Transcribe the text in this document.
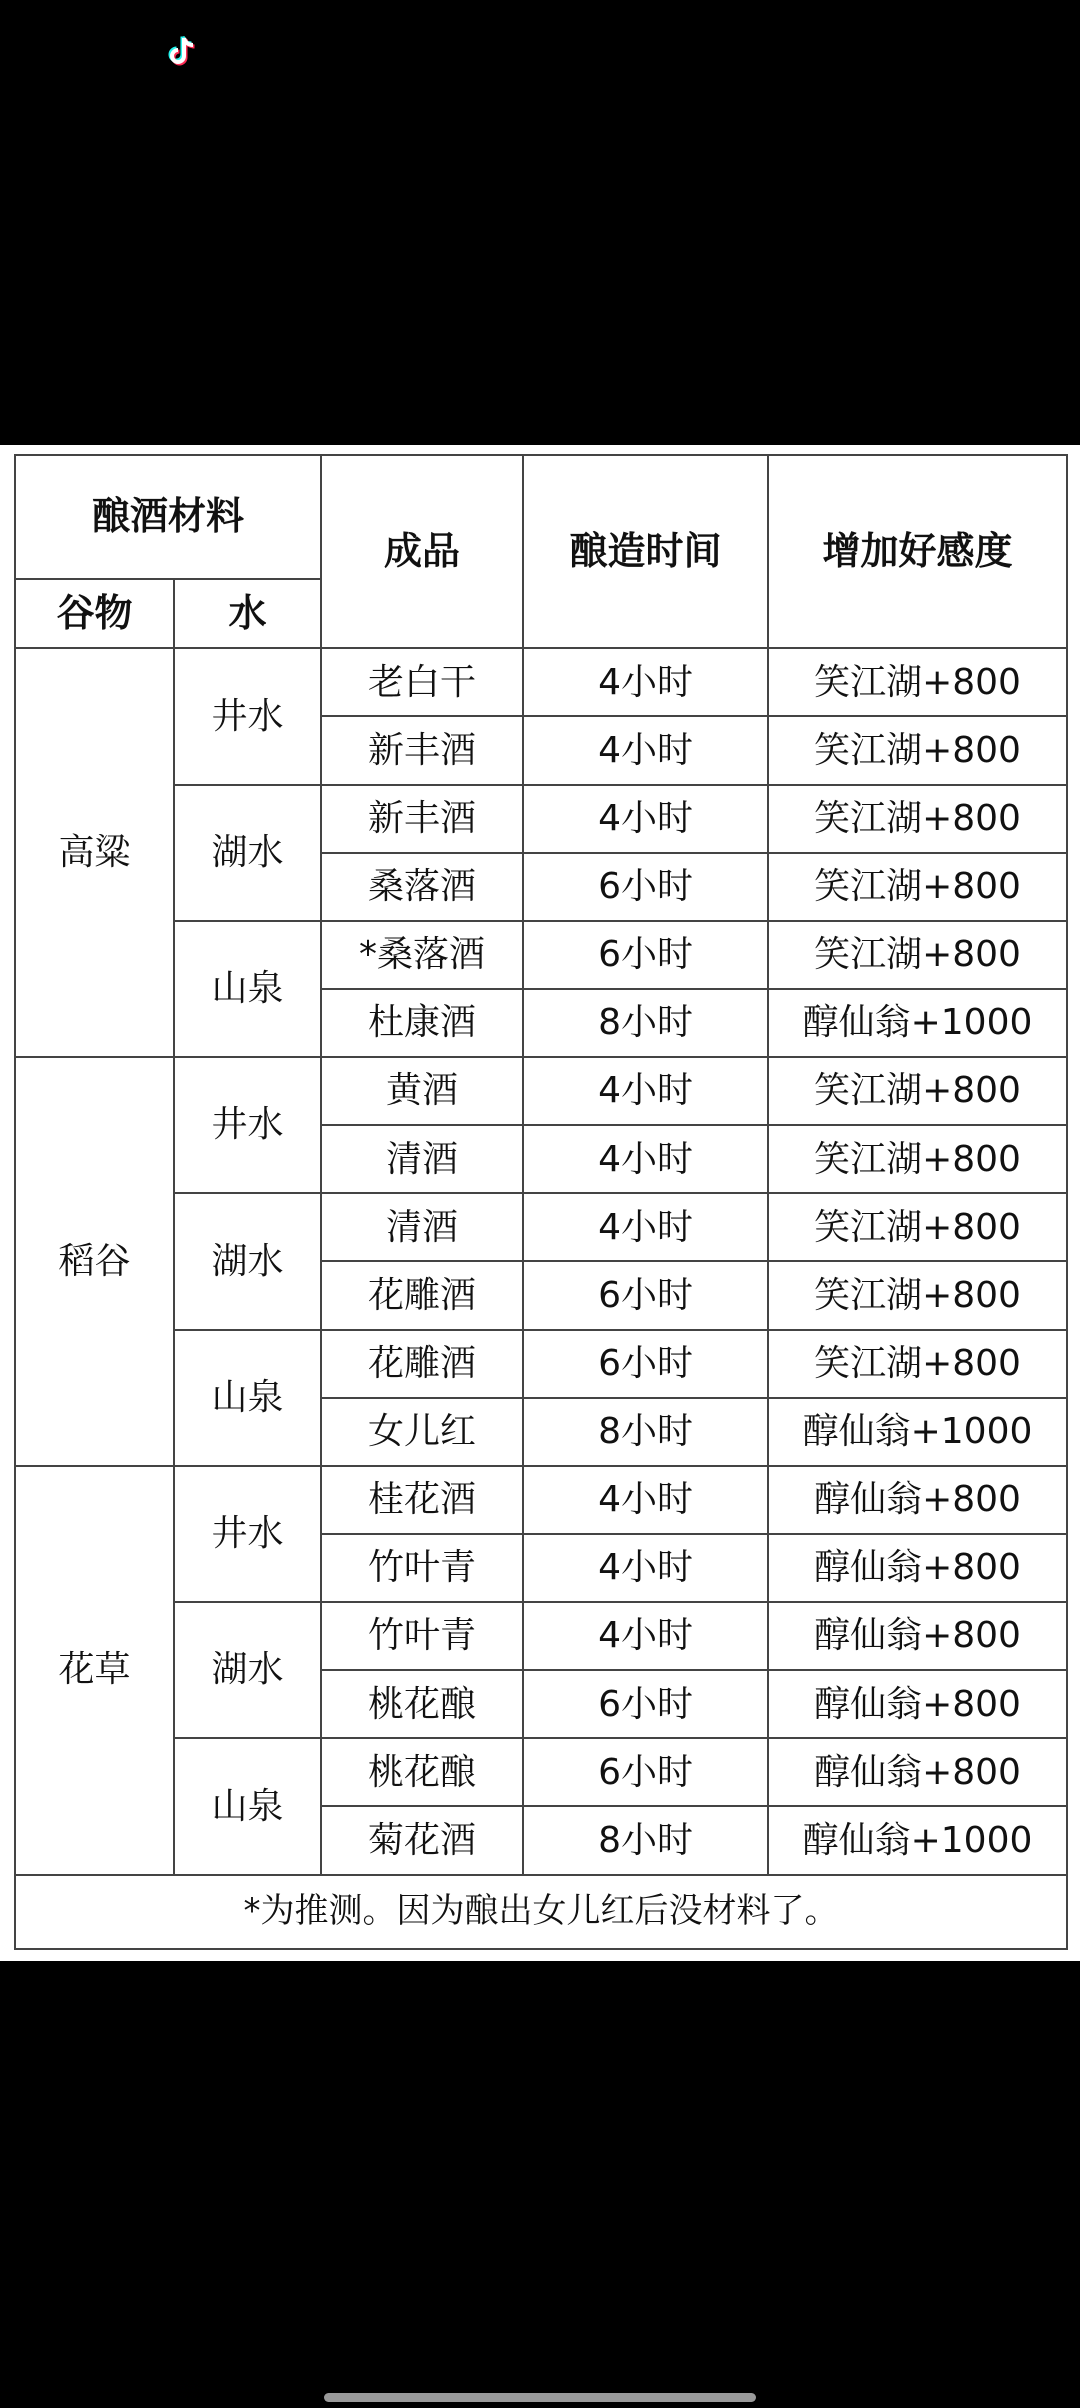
酿酒材料		成品	酿造时间	增加好感度
谷物	水			
高粱	井水	老白干	4小时	笑江湖+800
		新丰酒	4小时	笑江湖+800
	湖水	新丰酒	4小时	笑江湖+800
		桑落酒	6小时	笑江湖+800
	山泉	*桑落酒	6小时	笑江湖+800
		杜康酒	8小时	醇仙翁+1000
稻谷	井水	黄酒	4小时	笑江湖+800
		清酒	4小时	笑江湖+800
	湖水	清酒	4小时	笑江湖+800
		花雕酒	6小时	笑江湖+800
	山泉	花雕酒	6小时	笑江湖+800
		女儿红	8小时	醇仙翁+1000
花草	井水	桂花酒	4小时	醇仙翁+800
		竹叶青	4小时	醇仙翁+800
	湖水	竹叶青	4小时	醇仙翁+800
		桃花酿	6小时	醇仙翁+800
	山泉	桃花酿	6小时	醇仙翁+800
		菊花酒	8小时	醇仙翁+1000
*为推测。因为酿出女儿红后没材料了。				
